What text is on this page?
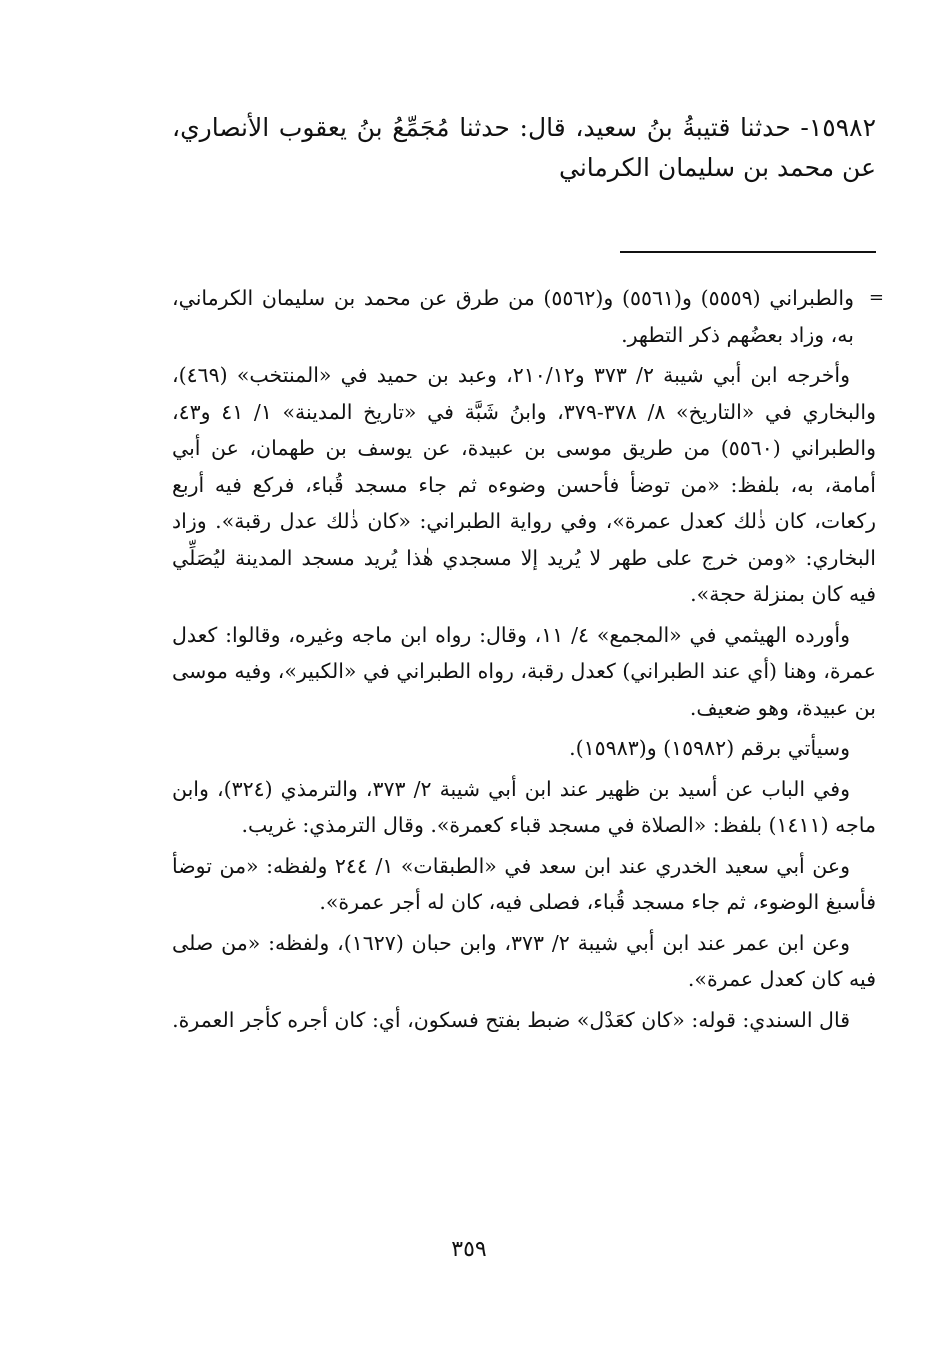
١٥٩٨٢- حدثنا قتيبةُ بنُ سعيد، قال: حدثنا مُجَمِّعُ بنُ يعقوب الأنصاري، عن محمد بن سليمان الكرماني

=
والطبراني (٥٥٥٩) و(٥٥٦١) و(٥٥٦٢) من طرق عن محمد بن سليمان الكرماني، به، وزاد بعضُهم ذكر التطهر.

وأخرجه ابن أبي شيبة ٢/ ٣٧٣ و٢١٠/١٢، وعبد بن حميد في «المنتخب» (٤٦٩)، والبخاري في «التاريخ» ٨/ ٣٧٨-٣٧٩، وابنُ شَبَّة في «تاريخ المدينة» ١/ ٤١ و٤٣، والطبراني (٥٥٦٠) من طريق موسى بن عبيدة، عن يوسف بن طهمان، عن أبي أمامة، به، بلفظ: «من توضأ فأحسن وضوءه ثم جاء مسجد قُباء، فركع فيه أربع ركعات، كان ذٰلك كعدل عمرة»، وفي رواية الطبراني: «كان ذٰلك عدل رقبة». وزاد البخاري: «ومن خرج على طهر لا يُريد إلا مسجدي هٰذا يُريد مسجد المدينة ليُصَلِّي فيه كان بمنزلة حجة».

وأورده الهيثمي في «المجمع» ٤/ ١١، وقال: رواه ابن ماجه وغيره، وقالوا: كعدل عمرة، وهنا (أي عند الطبراني) كعدل رقبة، رواه الطبراني في «الكبير»، وفيه موسى بن عبيدة، وهو ضعيف.

وسيأتي برقم (١٥٩٨٢) و(١٥٩٨٣).

وفي الباب عن أسيد بن ظهير عند ابن أبي شيبة ٢/ ٣٧٣، والترمذي (٣٢٤)، وابن ماجه (١٤١١) بلفظ: «الصلاة في مسجد قباء كعمرة». وقال الترمذي: غريب.

وعن أبي سعيد الخدري عند ابن سعد في «الطبقات» ١/ ٢٤٤ ولفظه: «من توضأ فأسبغ الوضوء، ثم جاء مسجد قُباء، فصلى فيه، كان له أجر عمرة».

وعن ابن عمر عند ابن أبي شيبة ٢/ ٣٧٣، وابن حبان (١٦٢٧)، ولفظه: «من صلى فيه كان كعدل عمرة».

قال السندي: قوله: «كان كعَدْل» ضبط بفتح فسكون، أي: كان أجره كأجر العمرة.

٣٥٩
